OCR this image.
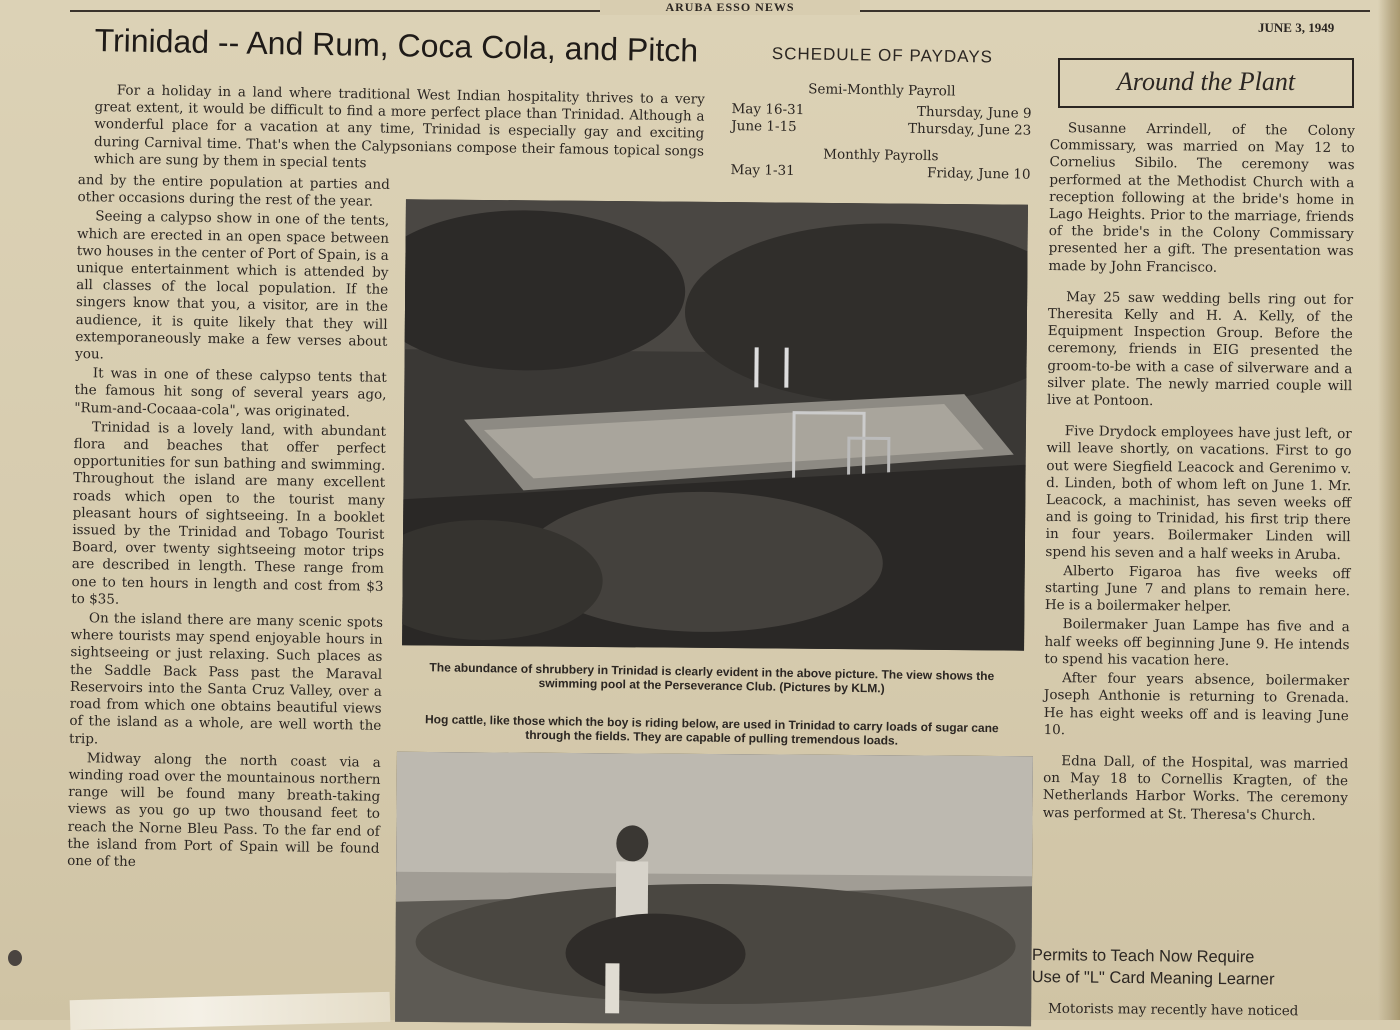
ARUBA ESSO NEWS
JUNE 3, 1949
Trinidad -- And Rum, Coca Cola, and Pitch

For a holiday in a land where traditional West Indian hospitality thrives to a very great extent, it would be difficult to find a more perfect place than Trinidad. Although a wonderful place for a vacation at any time, Trinidad is especially gay and exciting during Carnival time. That's when the Calypsonians compose their famous topical songs which are sung by them in special tents

and by the entire population at parties and other occasions during the rest of the year.

Seeing a calypso show in one of the tents, which are erected in an open space between two houses in the center of Port of Spain, is a unique entertainment which is attended by all classes of the local population. If the singers know that you, a visitor, are in the audience, it is quite likely that they will extemporaneously make a few verses about you.

It was in one of these calypso tents that the famous hit song of several years ago, "Rum-and-Cocaaa-cola", was originated.

Trinidad is a lovely land, with abundant flora and beaches that offer perfect opportunities for sun bathing and swimming. Throughout the island are many excellent roads which open to the tourist many pleasant hours of sightseeing. In a booklet issued by the Trinidad and Tobago Tourist Board, over twenty sightseeing motor trips are described in length. These range from one to ten hours in length and cost from $3 to $35.

On the island there are many scenic spots where tourists may spend enjoyable hours in sightseeing or just relaxing. Such places as the Saddle Back Pass past the Maraval Reservoirs into the Santa Cruz Valley, over a road from which one obtains beautiful views of the island as a whole, are well worth the trip.

Midway along the north coast via a winding road over the mountainous northern range will be found many breath-taking views as you go up two thousand feet to reach the Norne Bleu Pass. To the far end of the island from Port of Spain will be found one of the

SCHEDULE OF PAYDAYS
Semi-Monthly Payroll
May 16-31	Thursday, June 9
June 1-15	Thursday, June 23
Monthly Payrolls
May 1-31	Friday, June 10
The abundance of shrubbery in Trinidad is clearly evident in the above picture. The view shows the swimming pool at the Perseverance Club. (Pictures by KLM.)
Hog cattle, like those which the boy is riding below, are used in Trinidad to carry loads of sugar cane through the fields. They are capable of pulling tremendous loads.
Around the Plant

Susanne Arrindell, of the Colony Commissary, was married on May 12 to Cornelius Sibilo. The ceremony was performed at the Methodist Church with a reception following at the bride's home in Lago Heights. Prior to the marriage, friends of the bride's in the Colony Commissary presented her a gift. The presentation was made by John Francisco.

May 25 saw wedding bells ring out for Theresita Kelly and H. A. Kelly, of the Equipment Inspection Group. Before the ceremony, friends in EIG presented the groom-to-be with a case of silverware and a silver plate. The newly married couple will live at Pontoon.

Five Drydock employees have just left, or will leave shortly, on vacations. First to go out were Siegfield Leacock and Gerenimo v. d. Linden, both of whom left on June 1. Mr. Leacock, a machinist, has seven weeks off and is going to Trinidad, his first trip there in four years. Boilermaker Linden will spend his seven and a half weeks in Aruba.

Alberto Figaroa has five weeks off starting June 7 and plans to remain here. He is a boilermaker helper.

Boilermaker Juan Lampe has five and a half weeks off beginning June 9. He intends to spend his vacation here.

After four years absence, boilermaker Joseph Anthonie is returning to Grenada. He has eight weeks off and is leaving June 10.

Edna Dall, of the Hospital, was married on May 18 to Cornellis Kragten, of the Netherlands Harbor Works. The ceremony was performed at St. Theresa's Church.

Permits to Teach Now Require
Use of "L" Card Meaning Learner
Motorists may recently have noticed
